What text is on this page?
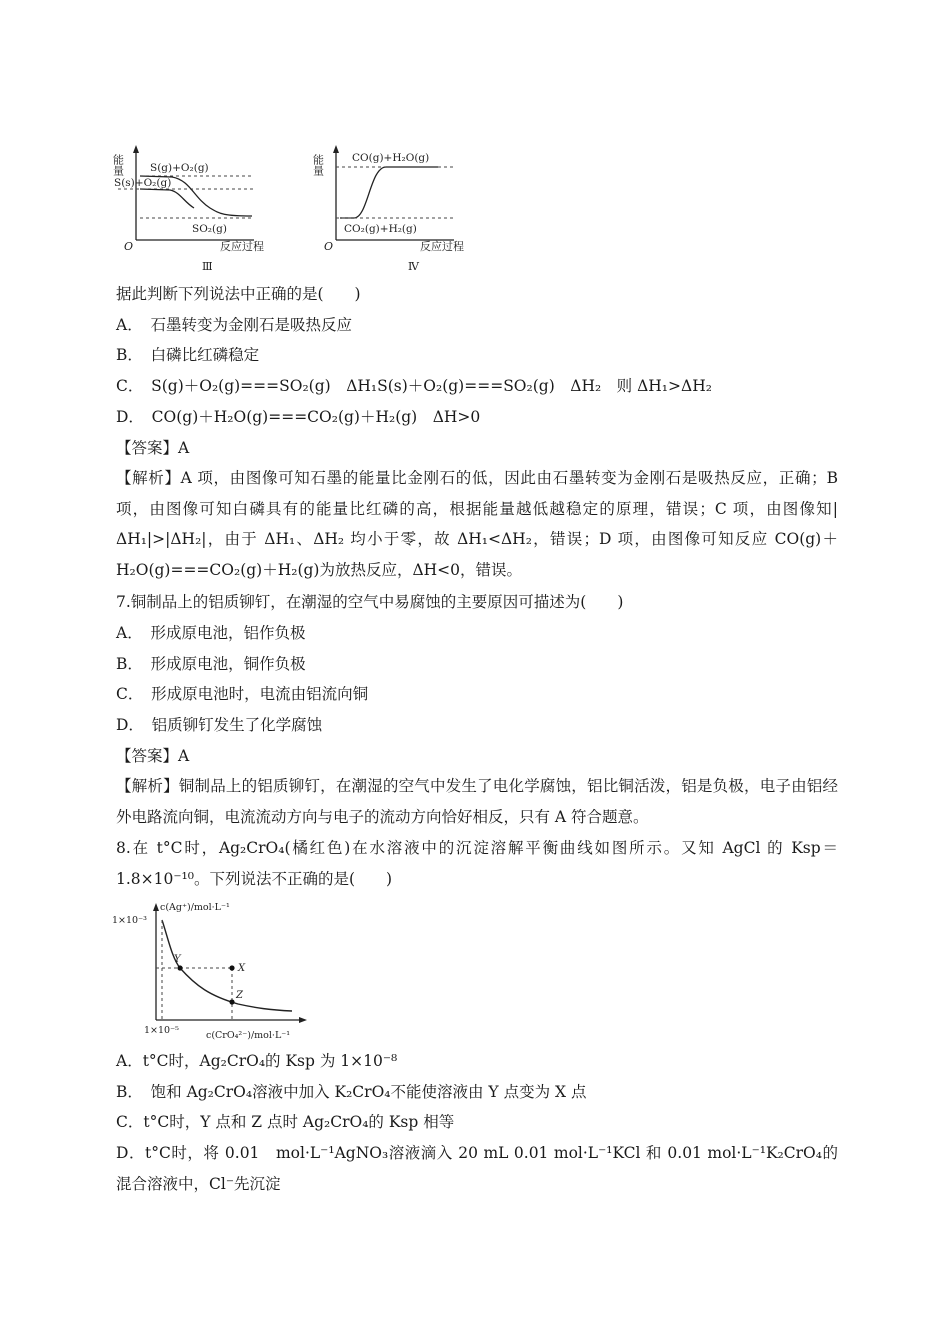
能量 S(g)+O₂(g)
S(s)+O₂(g)
SO₂(g)
O	反应过程
Ⅲ
能量	CO(g)+H₂O(g)
CO₂(g)+H₂(g)
O	反应过程
Ⅳ
据此判断下列说法中正确的是(　　)
A．　石墨转变为金刚石是吸热反应
B．　白磷比红磷稳定
C．　S(g)＋O₂(g)===SO₂(g)　ΔH₁S(s)＋O₂(g)===SO₂(g)　ΔH₂　则 ΔH₁>ΔH₂
D．　CO(g)＋H₂O(g)===CO₂(g)＋H₂(g)　ΔH>0
【答案】A
【解析】A 项，由图像可知石墨的能量比金刚石的低，因此由石墨转变为金刚石是吸热反应，正确；B 项，由图像可知白磷具有的能量比红磷的高，根据能量越低越稳定的原理，错误；C 项，由图像知|ΔH₁|>|ΔH₂|，由于 ΔH₁、ΔH₂ 均小于零，故 ΔH₁<ΔH₂，错误；D 项，由图像可知反应 CO(g)＋H₂O(g)===CO₂(g)＋H₂(g)为放热反应，ΔH<0，错误。
7.铜制品上的铝质铆钉，在潮湿的空气中易腐蚀的主要原因可描述为(　　)
A．　形成原电池，铝作负极
B．　形成原电池，铜作负极
C．　形成原电池时，电流由铝流向铜
D．　铝质铆钉发生了化学腐蚀
【答案】A
【解析】铜制品上的铝质铆钉，在潮湿的空气中发生了电化学腐蚀，铝比铜活泼，铝是负极，电子由铝经外电路流向铜，电流流动方向与电子的流动方向恰好相反，只有 A 符合题意。
8.在 t°C时，Ag₂CrO₄(橘红色)在水溶液中的沉淀溶解平衡曲线如图所示。又知 AgCl 的 Ksp＝1.8×10⁻¹⁰。下列说法不正确的是(　　)
c(Ag⁺)/mol·L⁻¹
1×10⁻³
1×10⁻⁵	c(CrO₄²⁻)/mol·L⁻¹
Y
X
Z
A．t°C时，Ag₂CrO₄的 Ksp 为 1×10⁻⁸
B．　饱和 Ag₂CrO₄溶液中加入 K₂CrO₄不能使溶液由 Y 点变为 X 点
C．t°C时，Y 点和 Z 点时 Ag₂CrO₄的 Ksp 相等
D．t°C时，将 0.01　mol·L⁻¹AgNO₃溶液滴入 20 mL 0.01 mol·L⁻¹KCl 和 0.01 mol·L⁻¹K₂CrO₄的混合溶液中，Cl⁻先沉淀
